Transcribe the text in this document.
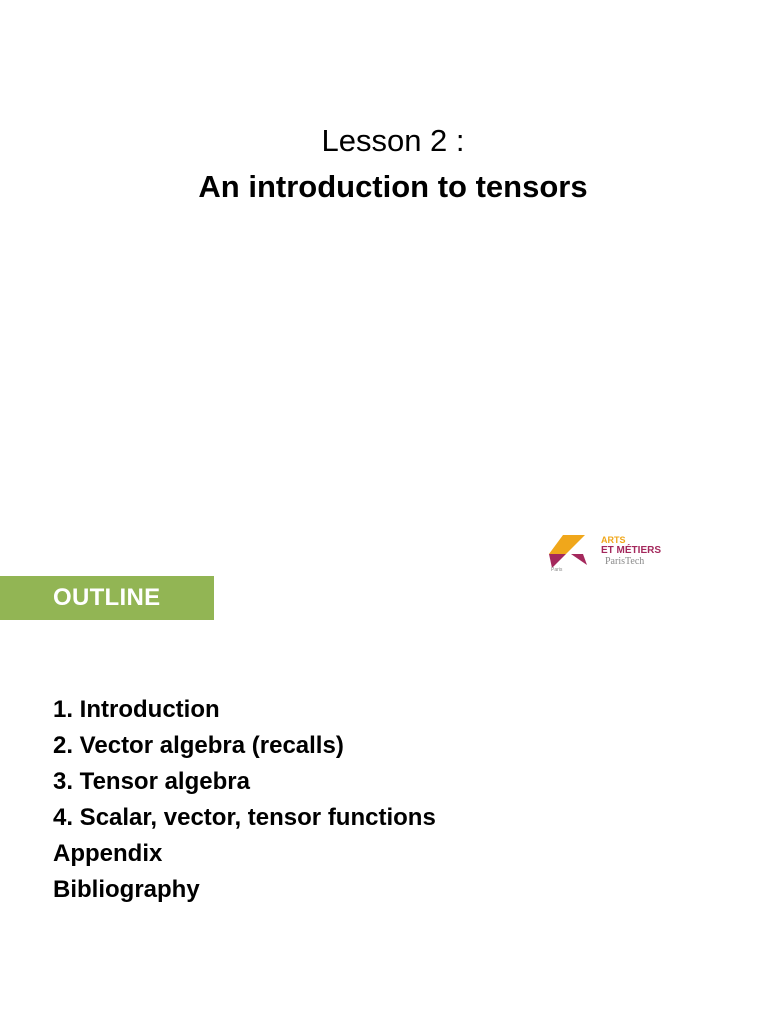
Lesson 2 :
An introduction to tensors
ARTS
ET MÉTIERS
ParisTech
Paris
OUTLINE
1. Introduction
2. Vector algebra (recalls)
3. Tensor algebra
4. Scalar, vector, tensor functions
Appendix
Bibliography
